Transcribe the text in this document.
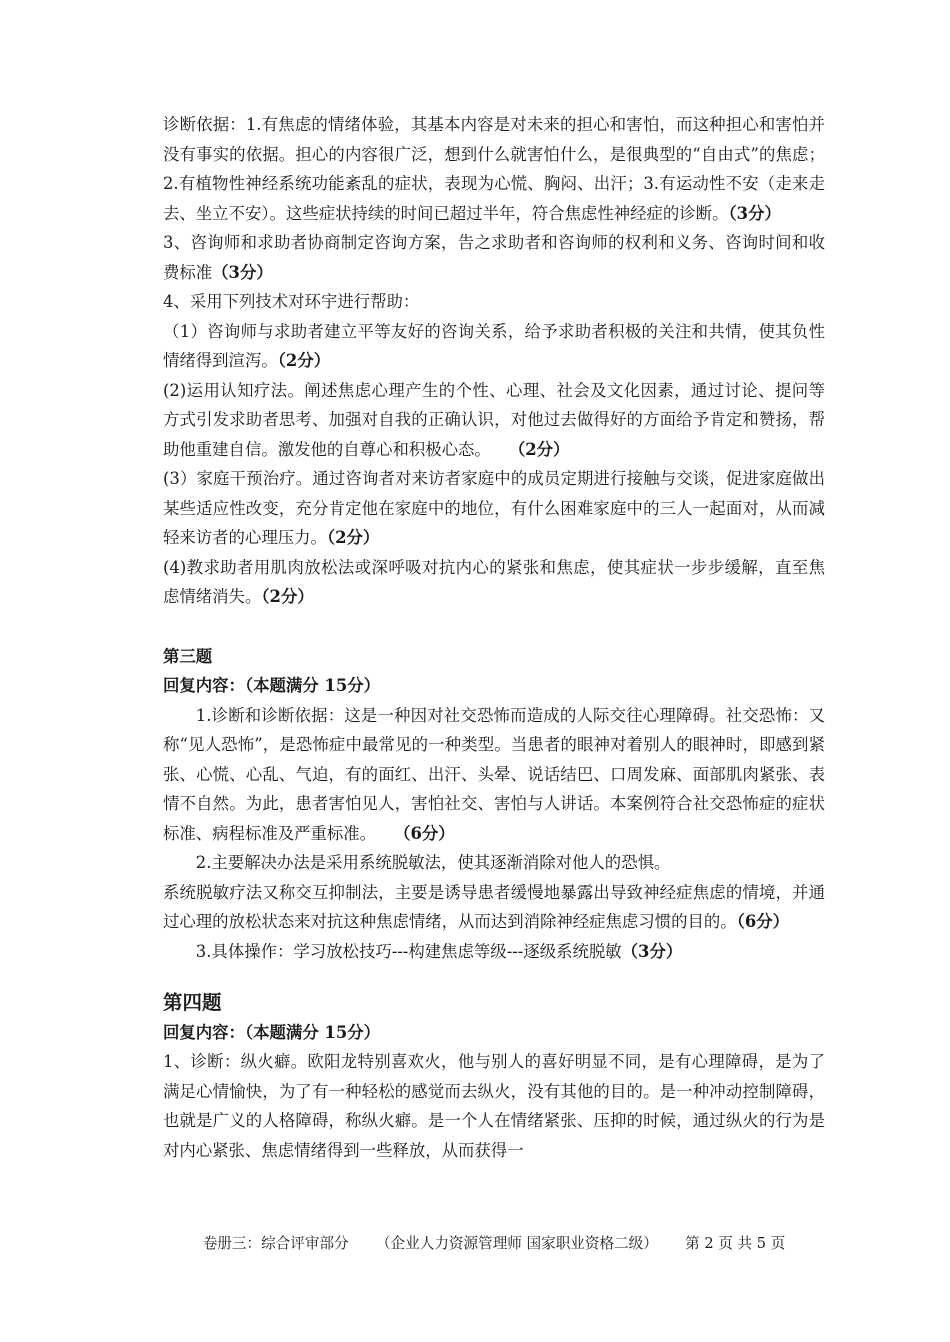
诊断依据：1.有焦虑的情绪体验，其基本内容是对未来的担心和害怕，而这种担心和害怕并没有事实的依据。担心的内容很广泛，想到什么就害怕什么，是很典型的“自由式”的焦虑；2.有植物性神经系统功能紊乱的症状，表现为心慌、胸闷、出汗；3.有运动性不安（走来走去、坐立不安）。这些症状持续的时间已超过半年，符合焦虑性神经症的诊断。（3分）

3、咨询师和求助者协商制定咨询方案，告之求助者和咨询师的权利和义务、咨询时间和收费标准（3分）

4、采用下列技术对环宇进行帮助：

（1）咨询师与求助者建立平等友好的咨询关系，给予求助者积极的关注和共情，使其负性情绪得到渲泻。（2分）

(2)运用认知疗法。阐述焦虑心理产生的个性、心理、社会及文化因素，通过讨论、提问等方式引发求助者思考、加强对自我的正确认识，对他过去做得好的方面给予肯定和赞扬，帮助他重建自信。激发他的自尊心和积极心态。 （2分）

(3）家庭干预治疗。通过咨询者对来访者家庭中的成员定期进行接触与交谈，促进家庭做出某些适应性改变，充分肯定他在家庭中的地位，有什么困难家庭中的三人一起面对，从而减轻来访者的心理压力。（2分）

(4)教求助者用肌肉放松法或深呼吸对抗内心的紧张和焦虑，使其症状一步步缓解，直至焦虑情绪消失。（2分）

第三题

回复内容：（本题满分 15分）

1.诊断和诊断依据：这是一种因对社交恐怖而造成的人际交往心理障碍。社交恐怖：又称“见人恐怖”，是恐怖症中最常见的一种类型。当患者的眼神对着别人的眼神时，即感到紧张、心慌、心乱、气迫，有的面红、出汗、头晕、说话结巴、口周发麻、面部肌肉紧张、表情不自然。为此，患者害怕见人，害怕社交、害怕与人讲话。本案例符合社交恐怖症的症状标准、病程标准及严重标准。 （6分）

2.主要解决办法是采用系统脱敏法，使其逐渐消除对他人的恐惧。

系统脱敏疗法又称交互抑制法，主要是诱导患者缓慢地暴露出导致神经症焦虑的情境，并通过心理的放松状态来对抗这种焦虑情绪，从而达到消除神经症焦虑习惯的目的。（6分）

3.具体操作：学习放松技巧---构建焦虑等级---逐级系统脱敏（3分）

第四题

回复内容：（本题满分 15分）

1、诊断：纵火癖。欧阳龙特别喜欢火，他与别人的喜好明显不同，是有心理障碍，是为了满足心情愉快，为了有一种轻松的感觉而去纵火，没有其他的目的。是一种冲动控制障碍，也就是广义的人格障碍，称纵火癖。是一个人在情绪紧张、压抑的时候，通过纵火的行为是对内心紧张、焦虑情绪得到一些释放，从而获得一

卷册三：综合评审部分 （企业人力资源管理师 国家职业资格二级） 第 2 页 共 5 页
